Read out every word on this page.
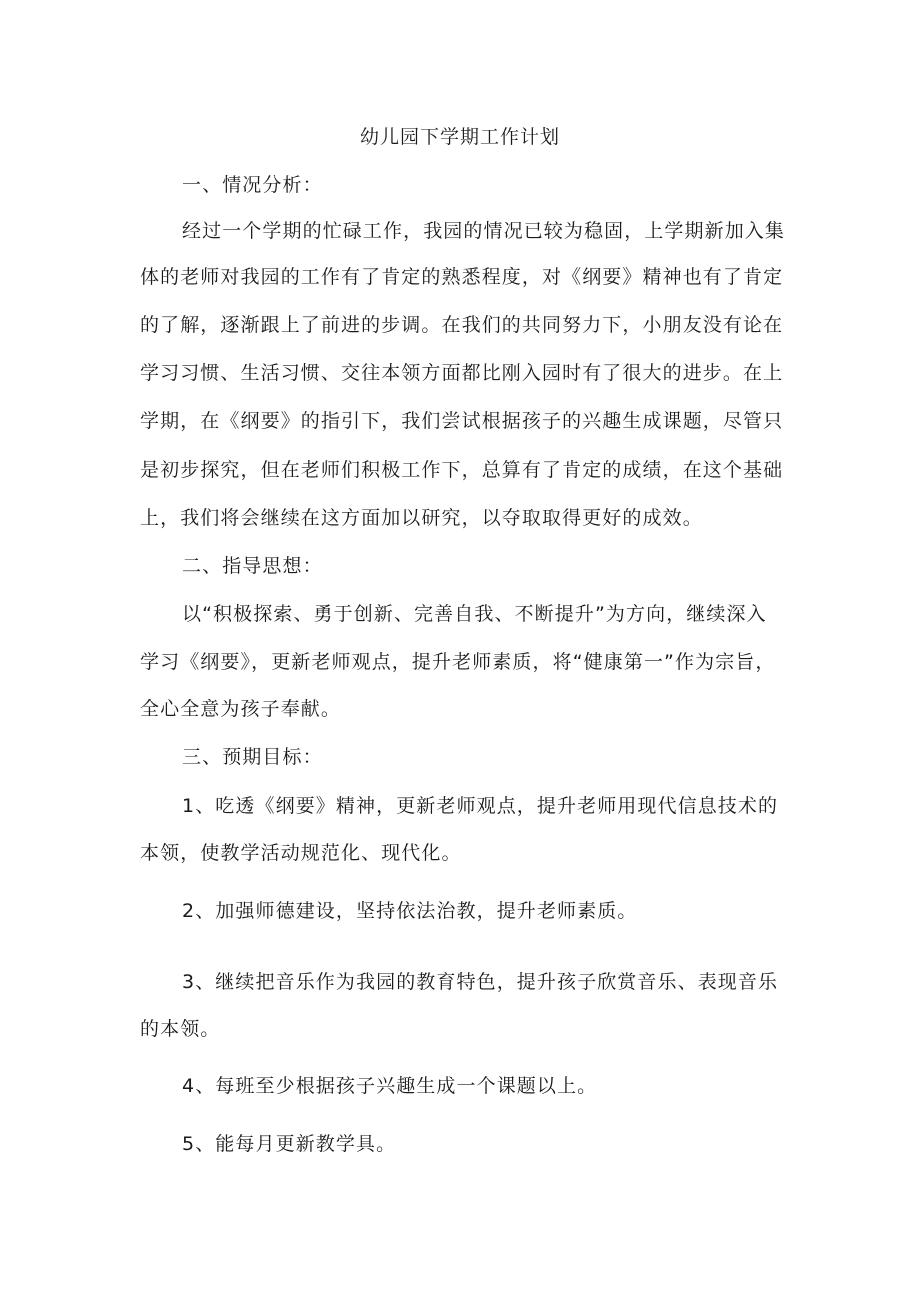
幼儿园下学期工作计划
一、情况分析：
经过一个学期的忙碌工作，我园的情况已较为稳固，上学期新加入集
体的老师对我园的工作有了肯定的熟悉程度，对《纲要》精神也有了肯定
的了解，逐渐跟上了前进的步调。在我们的共同努力下，小朋友没有论在
学习习惯、生活习惯、交往本领方面都比刚入园时有了很大的进步。在上
学期，在《纲要》的指引下，我们尝试根据孩子的兴趣生成课题，尽管只
是初步探究，但在老师们积极工作下，总算有了肯定的成绩，在这个基础
上，我们将会继续在这方面加以研究，以夺取取得更好的成效。
二、指导思想：
以“积极探索、勇于创新、完善自我、不断提升”为方向，继续深入
学习《纲要》，更新老师观点，提升老师素质，将“健康第一”作为宗旨，
全心全意为孩子奉献。
三、预期目标：
1、吃透《纲要》精神，更新老师观点，提升老师用现代信息技术的
本领，使教学活动规范化、现代化。
2、加强师德建设，坚持依法治教，提升老师素质。
3、继续把音乐作为我园的教育特色，提升孩子欣赏音乐、表现音乐
的本领。
4、每班至少根据孩子兴趣生成一个课题以上。
5、能每月更新教学具。
